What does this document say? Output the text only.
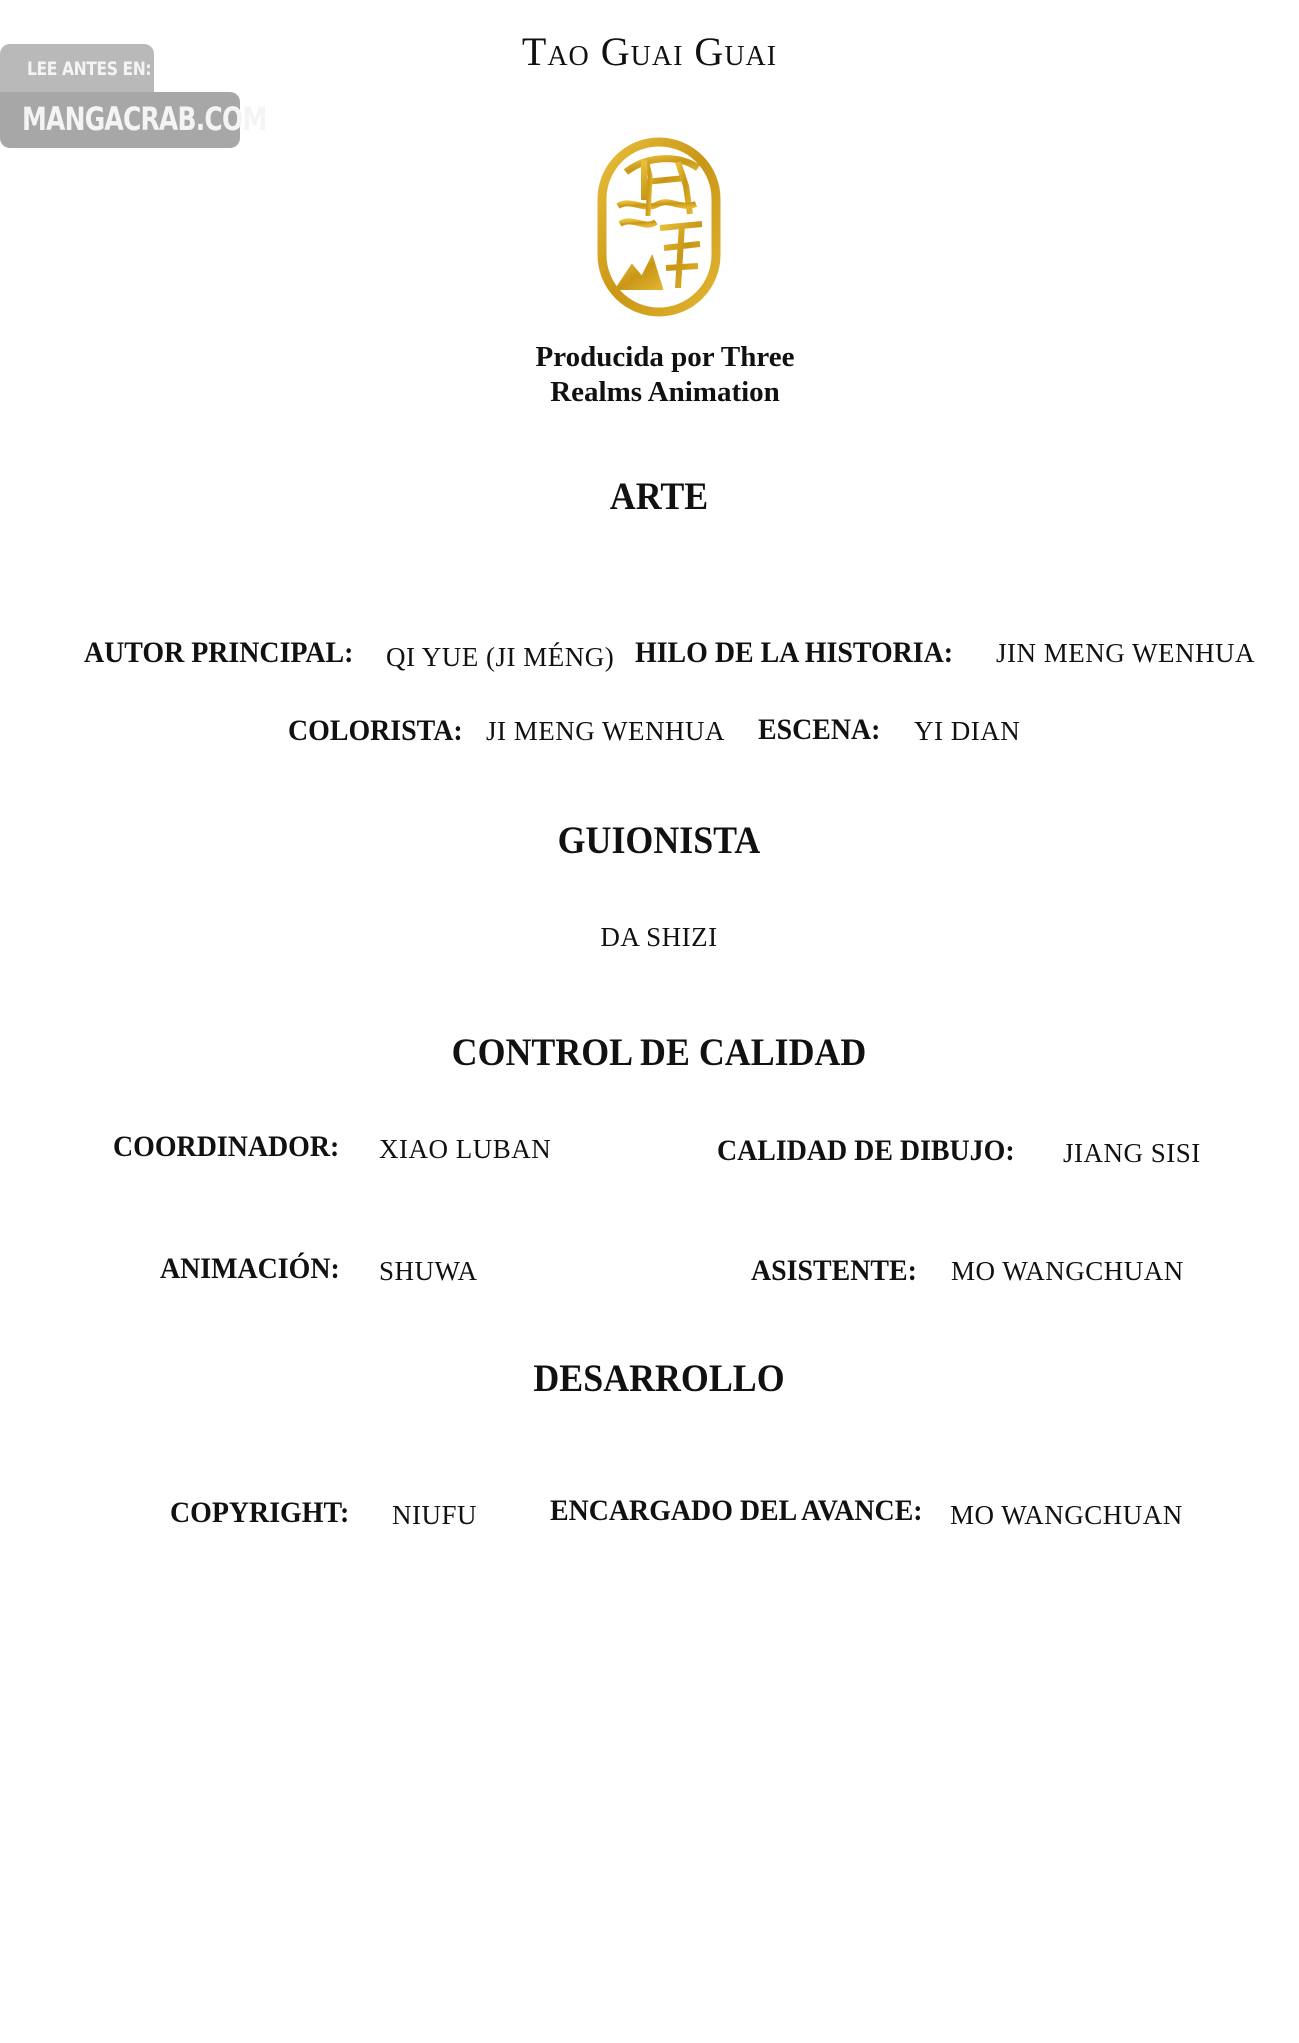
LEE ANTES EN:
MANGACRAB.COM
Tao Guai Guai
Producida por Three
Realms Animation
ARTE
AUTOR PRINCIPAL: QI YUE (JI MÉNG) HILO DE LA HISTORIA: JIN MENG WENHUA
COLORISTA: JI MENG WENHUA ESCENA: YI DIAN
GUIONISTA
DA SHIZI
CONTROL DE CALIDAD
COORDINADOR: XIAO LUBAN	CALIDAD DE DIBUJO: JIANG SISI
ANIMACIÓN: SHUWA	ASISTENTE: MO WANGCHUAN
DESARROLLO
COPYRIGHT: NIUFU ENCARGADO DEL AVANCE: MO WANGCHUAN
